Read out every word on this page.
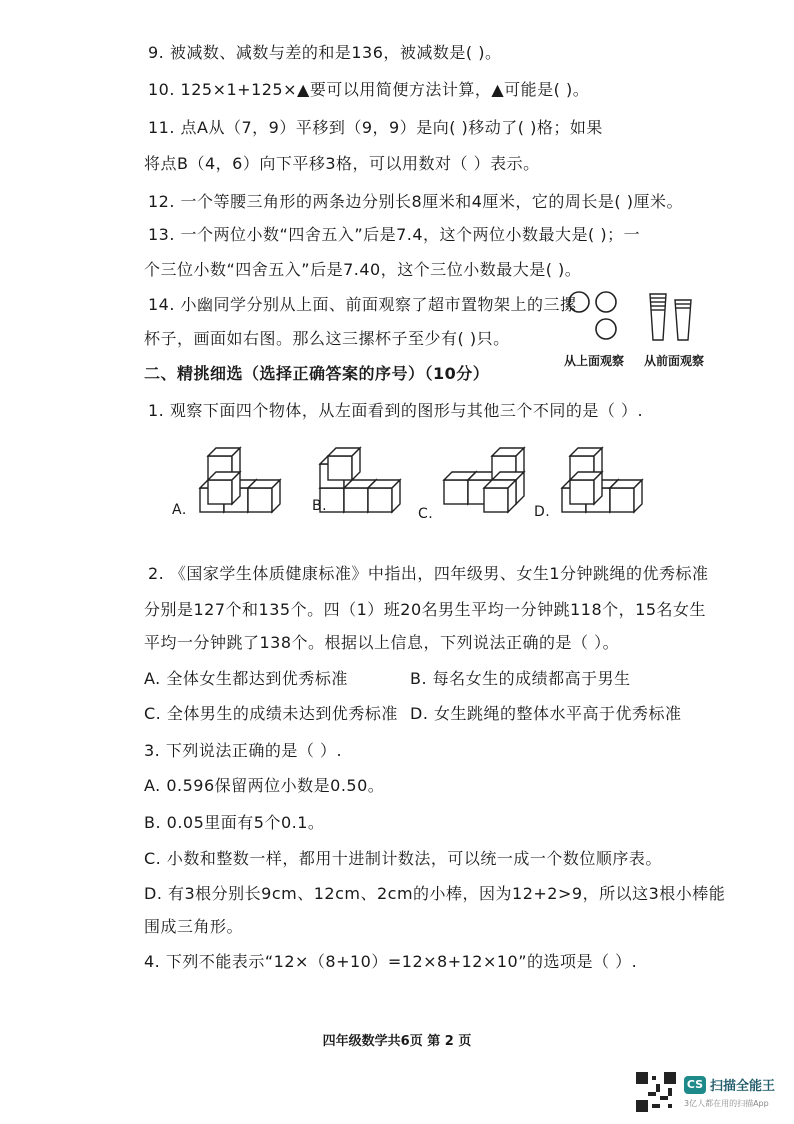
9. 被减数、减数与差的和是136，被减数是( )。
10. 125×1+125×▲要可以用简便方法计算，▲可能是( )。
11. 点A从（7，9）平移到（9，9）是向( )移动了( )格；如果
将点B（4，6）向下平移3格，可以用数对（ ）表示。
12. 一个等腰三角形的两条边分别长8厘米和4厘米，它的周长是( )厘米。
13. 一个两位小数“四舍五入”后是7.4，这个两位小数最大是( )；一
个三位小数“四舍五入”后是7.40，这个三位小数最大是( )。
14. 小幽同学分别从上面、前面观察了超市置物架上的三摞
杯子，画面如右图。那么这三摞杯子至少有( )只。
二、精挑细选（选择正确答案的序号）（10分）
1. 观察下面四个物体，从左面看到的图形与其他三个不同的是（ ）.
从上面观察 从前面观察
A.	B.	C.	D.
2. 《国家学生体质健康标准》中指出，四年级男、女生1分钟跳绳的优秀标准
分别是127个和135个。四（1）班20名男生平均一分钟跳118个，15名女生
平均一分钟跳了138个。根据以上信息，下列说法正确的是（ ）。
A. 全体女生都达到优秀标准	B. 每名女生的成绩都高于男生
C. 全体男生的成绩未达到优秀标准 D. 女生跳绳的整体水平高于优秀标准
3. 下列说法正确的是（ ）.
A. 0.596保留两位小数是0.50。
B. 0.05里面有5个0.1。
C. 小数和整数一样，都用十进制计数法，可以统一成一个数位顺序表。
D. 有3根分别长9cm、12cm、2cm的小棒，因为12+2>9，所以这3根小棒能
围成三角形。
4. 下列不能表示“12×（8+10）=12×8+12×10”的选项是（ ）.
四年级数学共6页 第 2 页
CS 扫描全能王
3亿人都在用的扫描App
